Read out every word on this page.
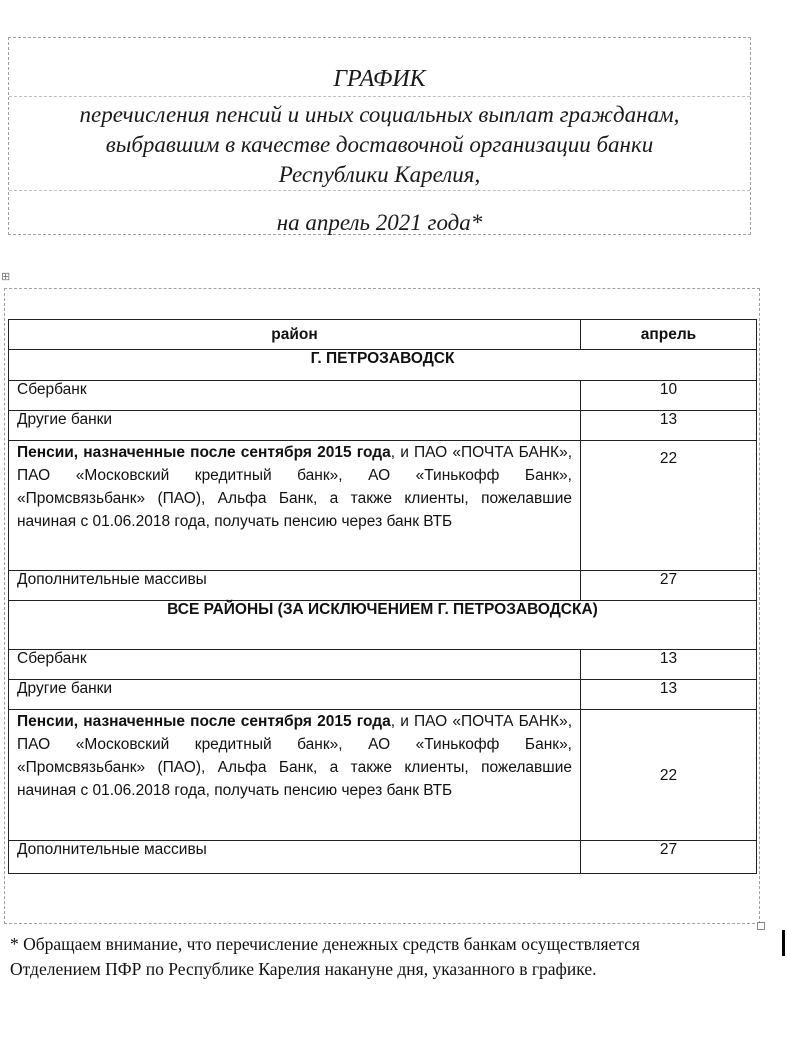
ГРАФИК
перечисления пенсий и иных социальных выплат гражданам,
выбравшим в качестве доставочной организации банки
Республики Карелия,
на апрель 2021 года*
⊞
район	апрель
Г. ПЕТРОЗАВОДСК	
Сбербанк	10
Другие банки	13
Пенсии, назначенные после сентября 2015 года, и ПАО «ПОЧТА БАНК», ПАО «Московский кредитный банк», АО «Тинькофф Банк», «Промсвязьбанк» (ПАО), Альфа Банк, а также клиенты, пожелавшие начиная с 01.06.2018 года, получать пенсию через банк ВТБ	22
Дополнительные массивы	27
ВСЕ РАЙОНЫ (ЗА ИСКЛЮЧЕНИЕМ Г. ПЕТРОЗАВОДСКА)	
Сбербанк	13
Другие банки	13
Пенсии, назначенные после сентября 2015 года, и ПАО «ПОЧТА БАНК», ПАО «Московский кредитный банк», АО «Тинькофф Банк», «Промсвязьбанк» (ПАО), Альфа Банк, а также клиенты, пожелавшие начиная с 01.06.2018 года, получать пенсию через банк ВТБ	22
Дополнительные массивы	27
* Обращаем внимание, что перечисление денежных средств банкам осуществляется
Отделением ПФР по Республике Карелия накануне дня, указанного в графике.
